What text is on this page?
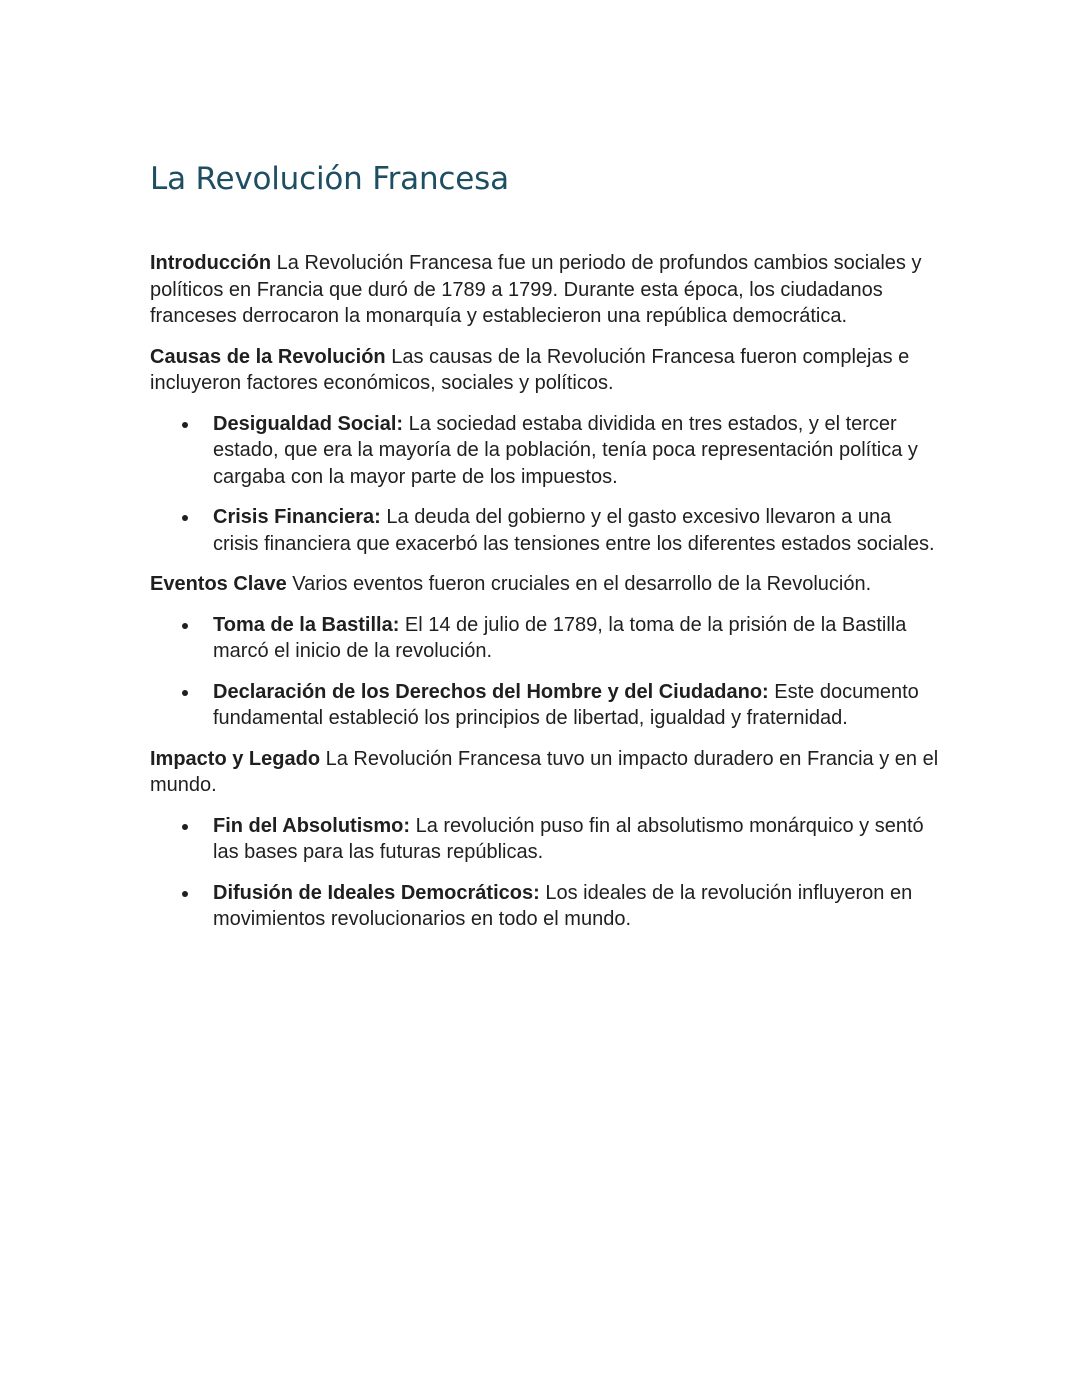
La Revolución Francesa

Introducción La Revolución Francesa fue un periodo de profundos cambios sociales y políticos en Francia que duró de 1789 a 1799. Durante esta época, los ciudadanos franceses derrocaron la monarquía y establecieron una república democrática.

Causas de la Revolución Las causas de la Revolución Francesa fueron complejas e incluyeron factores económicos, sociales y políticos.

Desigualdad Social: La sociedad estaba dividida en tres estados, y el tercer estado, que era la mayoría de la población, tenía poca representación política y cargaba con la mayor parte de los impuestos.
Crisis Financiera: La deuda del gobierno y el gasto excesivo llevaron a una crisis financiera que exacerbó las tensiones entre los diferentes estados sociales.

Eventos Clave Varios eventos fueron cruciales en el desarrollo de la Revolución.

Toma de la Bastilla: El 14 de julio de 1789, la toma de la prisión de la Bastilla marcó el inicio de la revolución.
Declaración de los Derechos del Hombre y del Ciudadano: Este documento fundamental estableció los principios de libertad, igualdad y fraternidad.

Impacto y Legado La Revolución Francesa tuvo un impacto duradero en Francia y en el mundo.

Fin del Absolutismo: La revolución puso fin al absolutismo monárquico y sentó las bases para las futuras repúblicas.
Difusión de Ideales Democráticos: Los ideales de la revolución influyeron en movimientos revolucionarios en todo el mundo.
